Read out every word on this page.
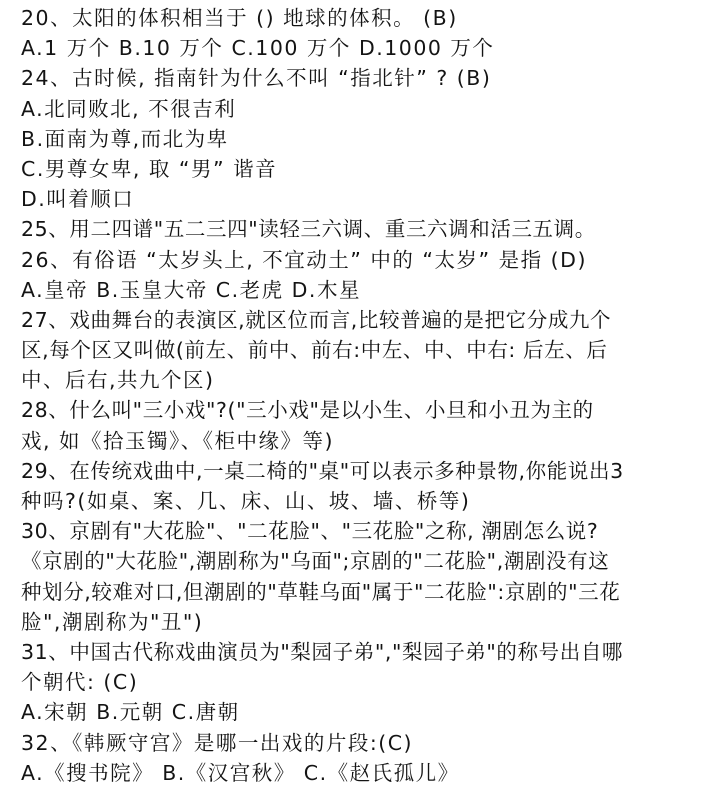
20、太阳的体积相当于 () 地球的体积。 (B)
A.1 万个 B.10 万个 C.100 万个 D.1000 万个
24、古时候, 指南针为什么不叫 “指北针” ? (B)
A.北同败北, 不很吉利
B.面南为尊,而北为卑
C.男尊女卑, 取 “男” 谐音
D.叫着顺口
25、用二四谱"五二三四"读轻三六调、重三六调和活三五调。
26、有俗语 “太岁头上, 不宜动土” 中的 “太岁” 是指 (D)
A.皇帝 B.玉皇大帝 C.老虎 D.木星
27、戏曲舞台的表演区,就区位而言,比较普遍的是把它分成九个
区,每个区又叫做(前左、前中、前右:中左、中、中右: 后左、后
中、后右,共九个区)
28、什么叫"三小戏"?("三小戏"是以小生、小旦和小丑为主的
戏, 如《拾玉镯》、《柜中缘》等)
29、在传统戏曲中,一桌二椅的"桌"可以表示多种景物,你能说出3
种吗?(如桌、案、几、床、山、坡、墙、桥等)
30、京剧有"大花脸"、"二花脸"、"三花脸"之称, 潮剧怎么说?
《京剧的"大花脸",潮剧称为"乌面";京剧的"二花脸",潮剧没有这
种划分,较难对口,但潮剧的"草鞋乌面"属于"二花脸":京剧的"三花
脸",潮剧称为"丑")
31、中国古代称戏曲演员为"梨园子弟","梨园子弟"的称号出自哪
个朝代: (C)
A.宋朝 B.元朝 C.唐朝
32、《韩厥守宫》是哪一出戏的片段:(C)
A.《搜书院》 B.《汉宫秋》 C.《赵氏孤儿》
